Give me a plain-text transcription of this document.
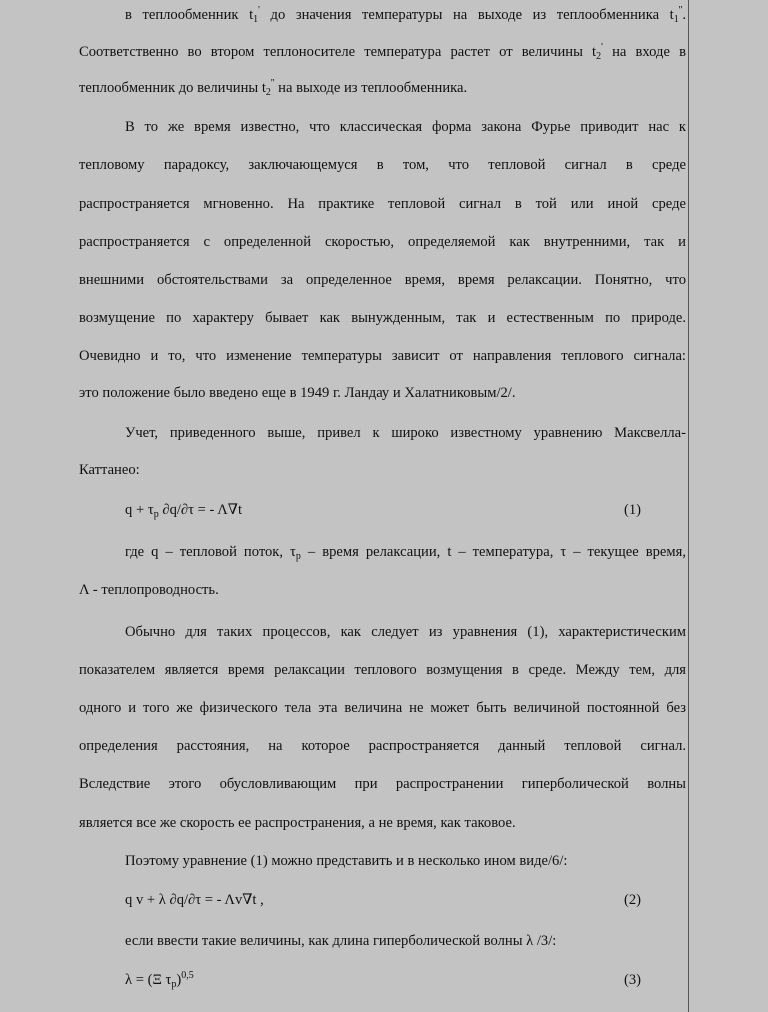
в теплообменник $t_1'$ до значения температуры на выходе из теплообменника $t_1''$.
Соответственно во втором теплоносителе температура растет от величины $t_2'$ на входе в
теплообменник до величины $t_2''$ на выходе из теплообменника.
В то же время известно, что классическая форма закона Фурье приводит нас к
тепловому парадоксу, заключающемуся в том, что тепловой сигнал в среде
распространяется мгновенно. На практике тепловой сигнал в той или иной среде
распространяется с определенной скоростью, определяемой как внутренними, так и
внешними обстоятельствами за определенное время, время релаксации. Понятно, что
возмущение по характеру бывает как вынужденным, так и естественным по природе.
Очевидно и то, что изменение температуры зависит от направления теплового сигнала:
это положение было введено еще в 1949 г. Ландау и Халатниковым/2/.
Учет, приведенного выше, привел к широко известному уравнению Максвелла-
Каттанео:
$q + \tau_p$ ∂q/∂τ = - Λ∇t	(1)
где q – тепловой поток, $\tau_p$ – время релаксации, t – температура, τ – текущее время,
Λ - теплопроводность.
Обычно для таких процессов, как следует из уравнения (1), характеристическим
показателем является время релаксации теплового возмущения в среде. Между тем, для
одного и того же физического тела эта величина не может быть величиной постоянной без
определения расстояния, на которое распространяется данный тепловой сигнал.
Вследствие этого обусловливающим при распространении гиперболической волны
является все же скорость ее распространения, а не время, как таковое.
Поэтому уравнение (1) можно представить и в несколько ином виде/6/:
q v + λ ∂q/∂τ = - Λv∇t ,	(2)
если ввести такие величины, как длина гиперболической волны λ /3/:
λ = (Ξ $\tau_p)^{0,5}$	(3)
